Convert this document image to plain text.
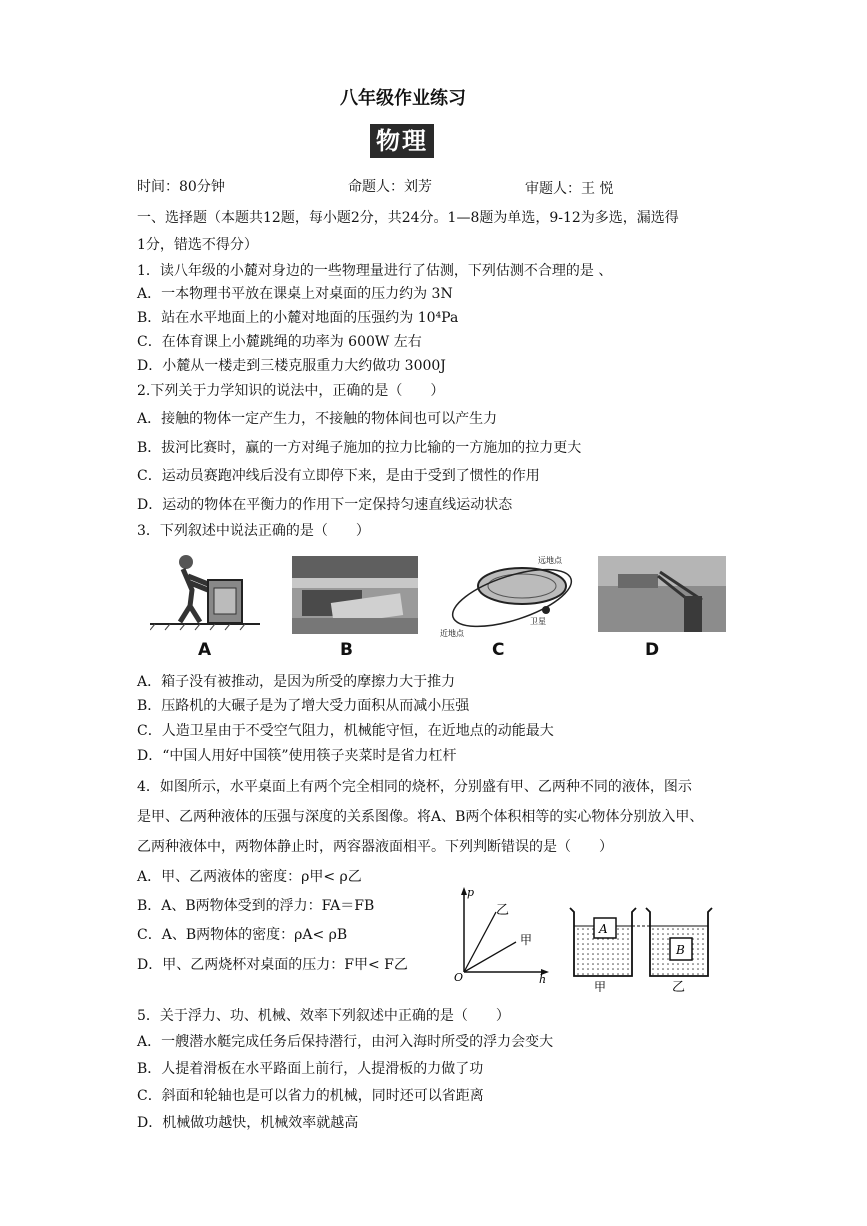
八年级作业练习
物理
时间：80分钟	命题人：刘芳	审题人：王 悦
一、选择题（本题共12题，每小题2分，共24分。1—8题为单选，9-12为多选，漏选得
1分，错选不得分）
1．读八年级的小麓对身边的一些物理量进行了估测，下列估测不合理的是 、
A．一本物理书平放在课桌上对桌面的压力约为 3N
B．站在水平地面上的小麓对地面的压强约为 10⁴Pa
C．在体育课上小麓跳绳的功率为 600W 左右
D．小麓从一楼走到三楼克服重力大约做功 3000J
2.下列关于力学知识的说法中，正确的是（　　）
A．接触的物体一定产生力，不接触的物体间也可以产生力
B．拔河比赛时，赢的一方对绳子施加的拉力比输的一方施加的拉力更大
C．运动员赛跑冲线后没有立即停下来，是由于受到了惯性的作用
D．运动的物体在平衡力的作用下一定保持匀速直线运动状态
3．下列叙述中说法正确的是（　　）
A	B
远地点
卫星
近地点
C	D
A．箱子没有被推动，是因为所受的摩擦力大于推力
B．压路机的大碾子是为了增大受力面积从而减小压强
C．人造卫星由于不受空气阻力，机械能守恒，在近地点的动能最大
D．“中国人用好中国筷”使用筷子夹菜时是省力杠杆
4．如图所示，水平桌面上有两个完全相同的烧杯，分别盛有甲、乙两种不同的液体，图示
是甲、乙两种液体的压强与深度的关系图像。将A、B两个体积相等的实心物体分别放入甲、
乙两种液体中，两物体静止时，两容器液面相平。下列判断错误的是（　　）
A．甲、乙两液体的密度：ρ甲< ρ乙
B．A、B两物体受到的浮力：FA＝FB
C．A、B两物体的密度：ρA< ρB
D．甲、乙两烧杯对桌面的压力：F甲< F乙
p
h
O
乙
甲
A
B
甲	乙
5．关于浮力、功、机械、效率下列叙述中正确的是（　　）
A．一艘潜水艇完成任务后保持潜行，由河入海时所受的浮力会变大
B．人提着滑板在水平路面上前行，人提滑板的力做了功
C．斜面和轮轴也是可以省力的机械，同时还可以省距离
D．机械做功越快，机械效率就越高
